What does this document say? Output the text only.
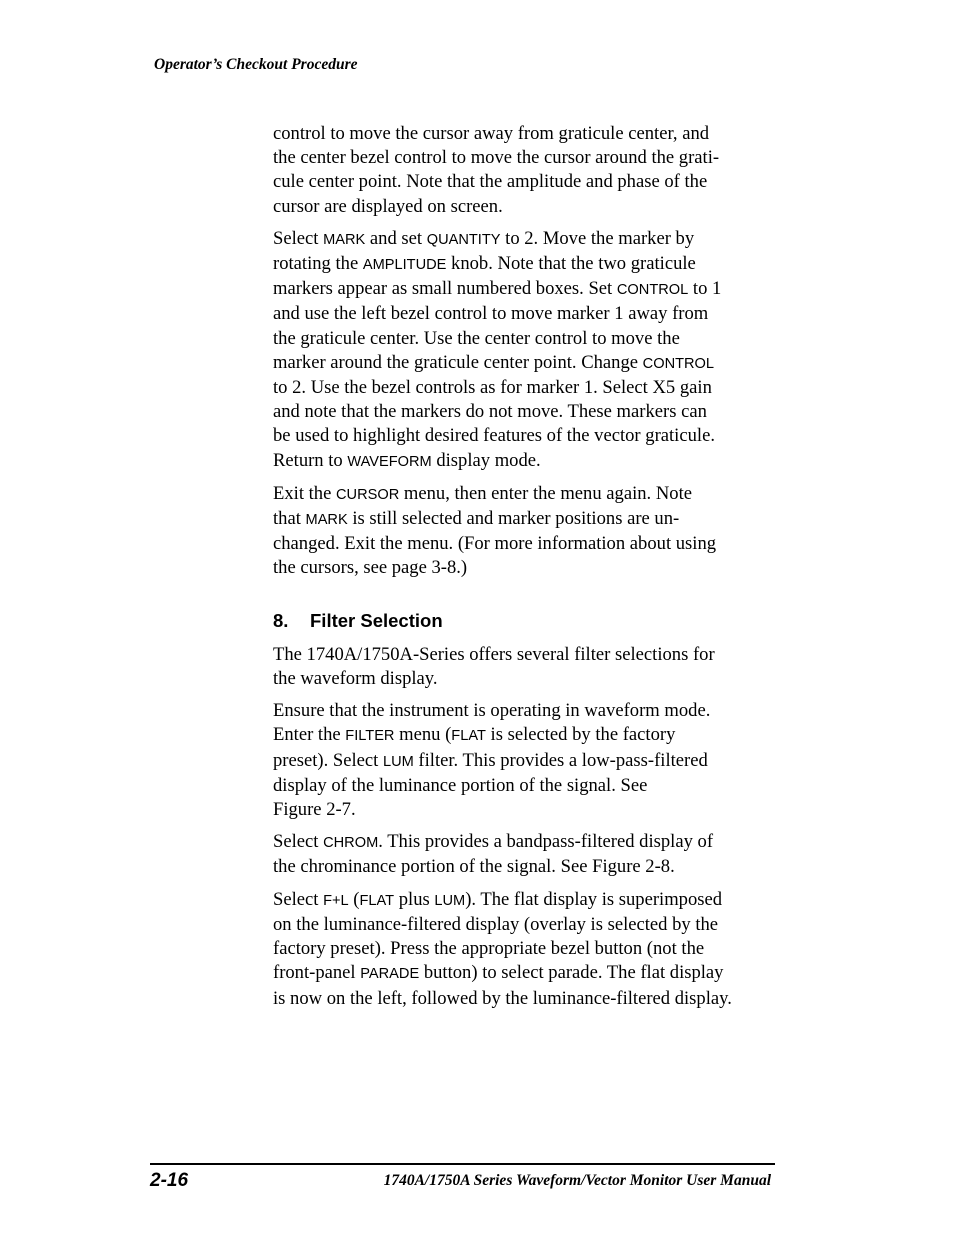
Operator’s Checkout Procedure

control to move the cursor away from graticule center, and
the center bezel control to move the cursor around the grati-
cule center point. Note that the amplitude and phase of the
cursor are displayed on screen.

Select MARK and set QUANTITY to 2. Move the marker by
rotating the AMPLITUDE knob. Note that the two graticule
markers appear as small numbered boxes. Set CONTROL to 1
and use the left bezel control to move marker 1 away from
the graticule center. Use the center control to move the
marker around the graticule center point. Change CONTROL
to 2. Use the bezel controls as for marker 1. Select X5 gain
and note that the markers do not move. These markers can
be used to highlight desired features of the vector graticule.
Return to WAVEFORM display mode.

Exit the CURSOR menu, then enter the menu again. Note
that MARK is still selected and marker positions are un-
changed. Exit the menu. (For more information about using
the cursors, see page 3-8.)

8. Filter Selection

The 1740A/1750A-Series offers several filter selections for
the waveform display.

Ensure that the instrument is operating in waveform mode.
Enter the FILTER menu (FLAT is selected by the factory
preset). Select LUM filter. This provides a low-pass-filtered
display of the luminance portion of the signal. See
Figure 2-7.

Select CHROM. This provides a bandpass-filtered display of
the chrominance portion of the signal. See Figure 2-8.

Select F+L (FLAT plus LUM). The flat display is superimposed
on the luminance-filtered display (overlay is selected by the
factory preset). Press the appropriate bezel button (not the
front-panel PARADE button) to select parade. The flat display
is now on the left, followed by the luminance-filtered display.

2-16	1740A/1750A Series Waveform/Vector Monitor User Manual
